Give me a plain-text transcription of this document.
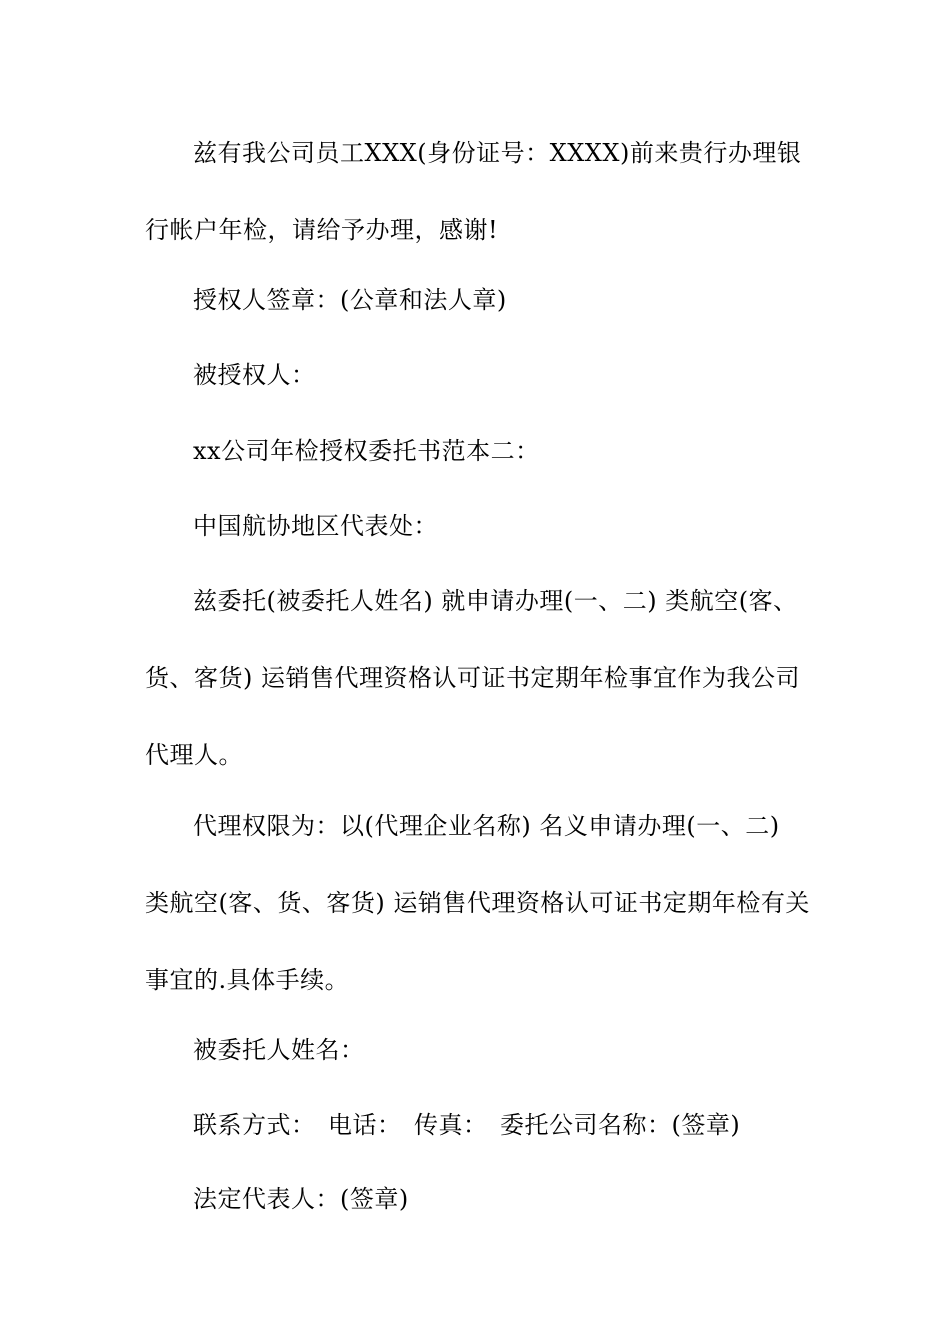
兹有我公司员工XXX(身份证号：XXXX)前来贵行办理银行帐户年检，请给予办理，感谢!

授权人签章：(公章和法人章)

被授权人：

xx公司年检授权委托书范本二：

中国航协地区代表处：

兹委托(被委托人姓名) 就申请办理(一、二) 类航空(客、货、客货) 运销售代理资格认可证书定期年检事宜作为我公司代理人。

代理权限为：以(代理企业名称) 名义申请办理(一、二) 类航空(客、货、客货) 运销售代理资格认可证书定期年检有关事宜的.具体手续。

被委托人姓名：

联系方式：　电话：　传真：　委托公司名称：(签章)

法定代表人：(签章)
